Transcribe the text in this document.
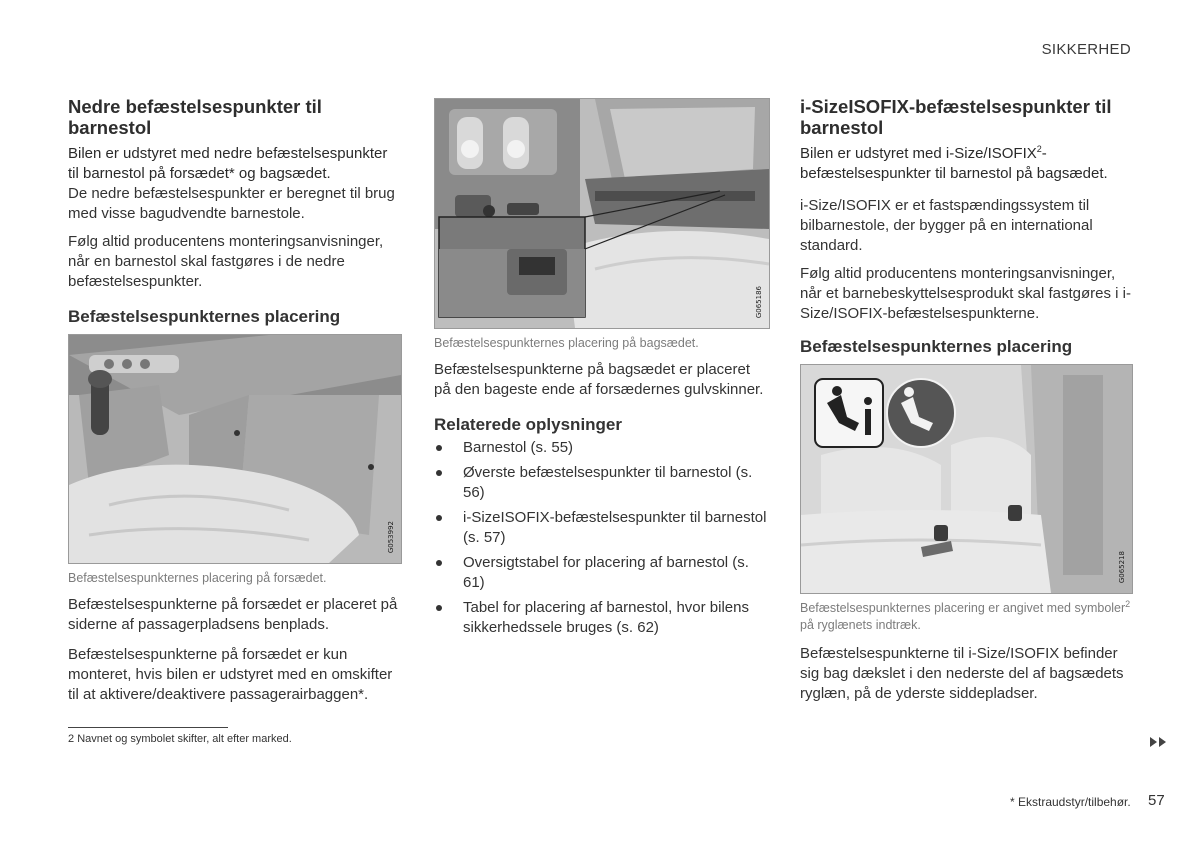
SIKKERHED
Nedre befæstelsespunkter til barnestol

Bilen er udstyret med nedre befæstelsespunkter til barnestol på forsædet* og bagsædet.

De nedre befæstelsespunkter er beregnet til brug med visse bagudvendte barnestole.

Følg altid producentens monteringsanvisninger, når en barnestol skal fastgøres i de nedre befæstelsespunkter.

Befæstelsespunkternes placering
G053992
Befæstelsespunkternes placering på forsædet.

Befæstelsespunkterne på forsædet er placeret på siderne af passagerpladsens benplads.

Befæstelsespunkterne på forsædet er kun monteret, hvis bilen er udstyret med en omskifter til at aktivere/deaktivere passagerairbaggen*.

G065186
Befæstelsespunkternes placering på bagsædet.

Befæstelsespunkterne på bagsædet er placeret på den bageste ende af forsædernes gulvskinner.

Relaterede oplysninger
Barnestol (s. 55)
Øverste befæstelsespunkter til barnestol (s. 56)
i-SizeISOFIX-befæstelsespunkter til barnestol (s. 57)
Oversigtstabel for placering af barnestol (s. 61)
Tabel for placering af barnestol, hvor bilens sikkerhedssele bruges (s. 62)
i-SizeISOFIX-befæstelsespunkter til barnestol

Bilen er udstyret med i-Size/ISOFIX$^2$-befæstelsespunkter til barnestol på bagsædet.

i-Size/ISOFIX er et fastspændingssystem til bilbarnestole, der bygger på en international standard.

Følg altid producentens monteringsanvisninger, når et barnebeskyttelsesprodukt skal fastgøres i i-Size/ISOFIX-befæstelsespunkterne.

Befæstelsespunkternes placering
G065218
Befæstelsespunkternes placering er angivet med symboler$^2$ på ryglænets indtræk.

Befæstelsespunkterne til i-Size/ISOFIX befinder sig bag dækslet i den nederste del af bagsædets ryglæn, på de yderste siddepladser.

2 Navnet og symbolet skifter, alt efter marked.
* Ekstraudstyr/tilbehør. 57
